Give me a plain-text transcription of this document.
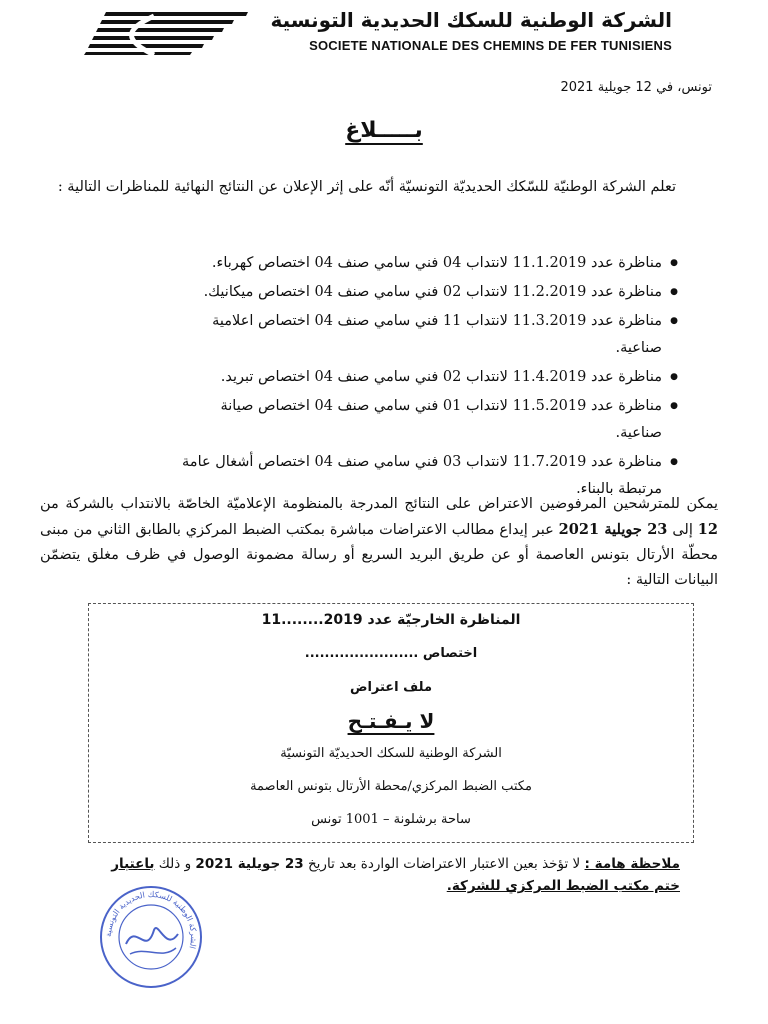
الشركة الوطنية للسكك الحديدية التونسية
SOCIETE NATIONALE DES CHEMINS DE FER TUNISIENS
تونس، في 12 جويلية 2021
بـــــلاغ
تعلم الشركة الوطنيّة للسّكك الحديديّة التونسيّة أنّه على إثر الإعلان عن النتائج النهائية للمناظرات التالية :
● مناظرة عدد 11.1.2019 لانتداب 04 فني سامي صنف 04 اختصاص كهرباء.
● مناظرة عدد 11.2.2019 لانتداب 02 فني سامي صنف 04 اختصاص ميكانيك.
● مناظرة عدد 11.3.2019 لانتداب 11 فني سامي صنف 04 اختصاص اعلامية
صناعية.
● مناظرة عدد 11.4.2019 لانتداب 02 فني سامي صنف 04 اختصاص تبريد.
● مناظرة عدد 11.5.2019 لانتداب 01 فني سامي صنف 04 اختصاص صيانة
صناعية.
● مناظرة عدد 11.7.2019 لانتداب 03 فني سامي صنف 04 اختصاص أشغال عامة
مرتبطة بالبناء.
يمكن للمترشحين المرفوضين الاعتراض على النتائج المدرجة بالمنظومة الإعلاميّة الخاصّة بالانتداب بالشركة من 12 إلى 23 جويلية 2021 عبر إيداع مطالب الاعتراضات مباشرة بمكتب الضبط المركزي بالطابق الثاني من مبنى محطّة الأرتال بتونس العاصمة أو عن طريق البريد السريع أو رسالة مضمونة الوصول في ظرف مغلق يتضمّن البيانات التالية :
المناظرة الخارجيّة عدد 2019........11
اختصاص .......................
ملف اعتراض
لا يـفـتـح
الشركة الوطنية للسكك الحديديّة التونسيّة
مكتب الضبط المركزي/محطة الأرتال بتونس العاصمة
ساحة برشلونة – 1001 تونس
ملاحظة هامة : لا تؤخذ بعين الاعتبار الاعتراضات الواردة بعد تاريخ 23 جويلية 2021 و ذلك باعتبار ختم مكتب الضبط المركزي للشركة.
الشركة الوطنية للسكك الحديدية التونسية
